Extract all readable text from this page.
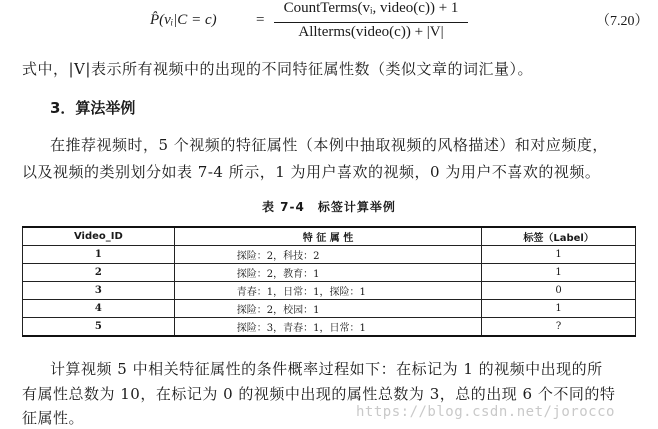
P̂(vᵢ|C = c)	=
CountTerms(vᵢ, video(c)) + 1
Allterms(video(c)) + |V|
（7.20）
式中，|V|表示所有视频中的出现的不同特征属性数（类似文章的词汇量）。
3．算法举例
在推荐视频时，5 个视频的特征属性（本例中抽取视频的风格描述）和对应频度，
以及视频的类别划分如表 7-4 所示，1 为用户喜欢的视频，0 为用户不喜欢的视频。
表 7-4　标签计算举例
Video_ID	特 征 属 性	标签（Label）
1	探险：2，科技：2	1
2	探险：2，教育：1	1
3	青春：1，日常：1，探险：1	0
4	探险：2，校园：1	1
5	探险：3，青春：1，日常：1	?
计算视频 5 中相关特征属性的条件概率过程如下：在标记为 1 的视频中出现的所
有属性总数为 10，在标记为 0 的视频中出现的属性总数为 3，总的出现 6 个不同的特
征属性。	https://blog.csdn.net/jorocco
